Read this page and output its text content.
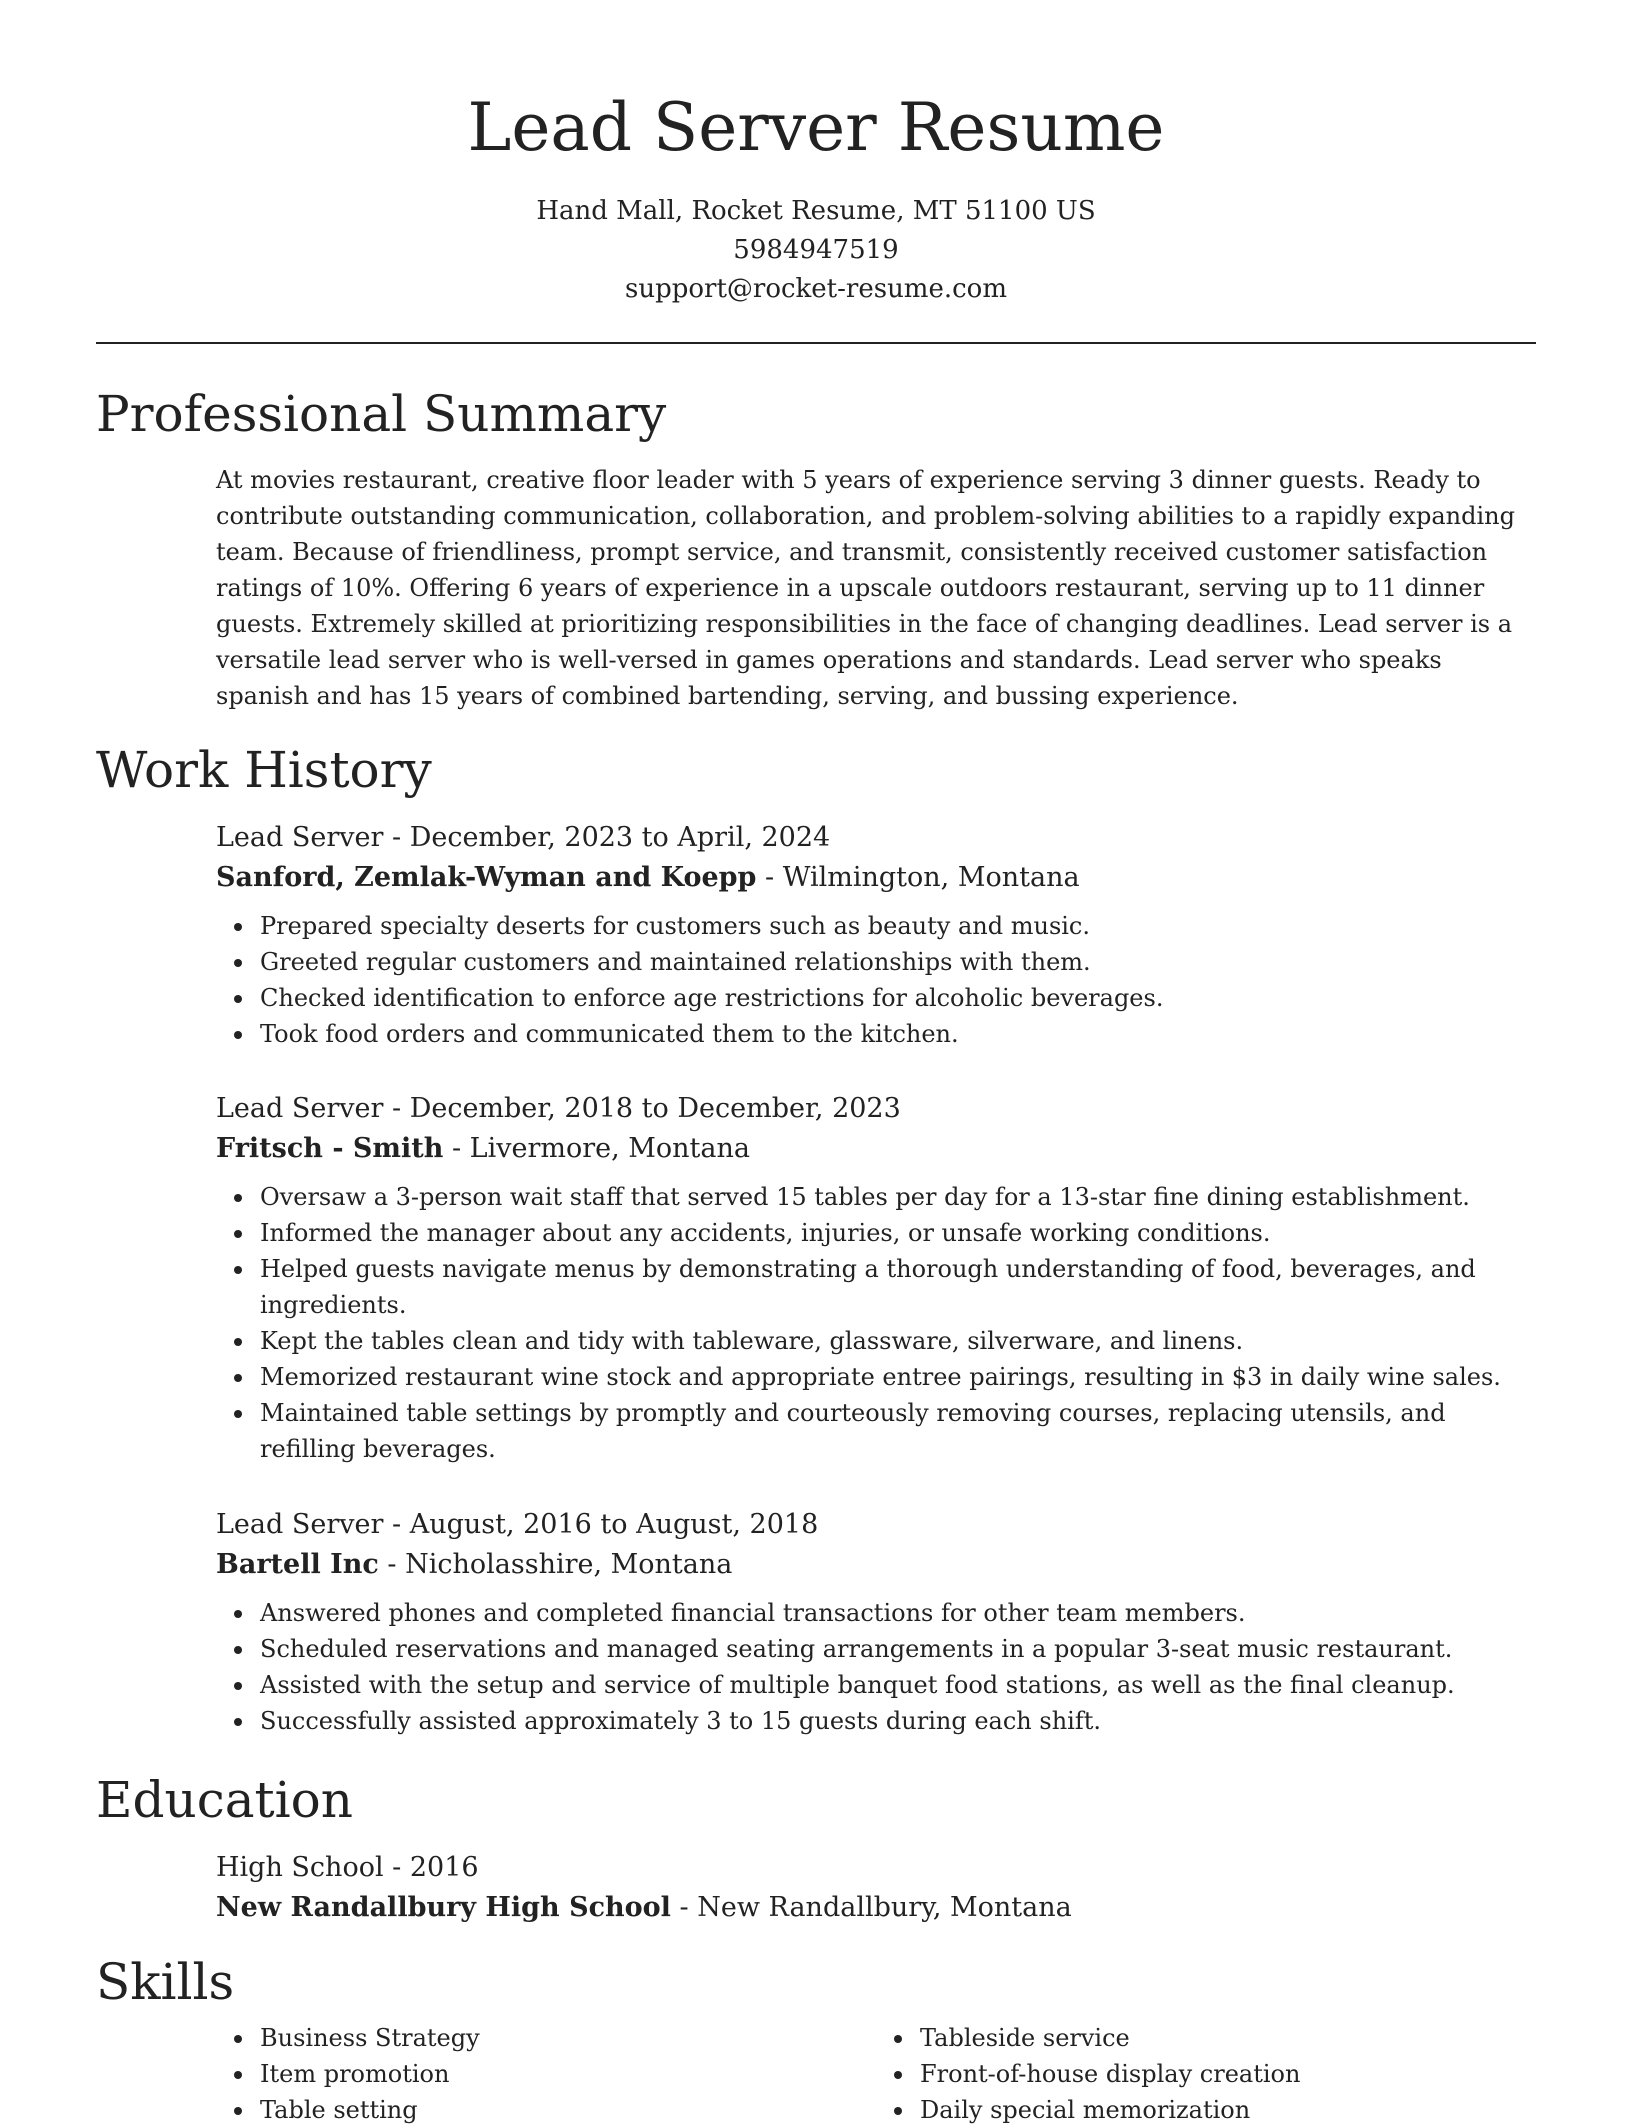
Lead Server Resume
Hand Mall, Rocket Resume, MT 51100 US
5984947519
support@rocket-resume.com
Professional Summary

At movies restaurant, creative floor leader with 5 years of experience serving 3 dinner guests. Ready to contribute outstanding communication, collaboration, and problem-solving abilities to a rapidly expanding team. Because of friendliness, prompt service, and transmit, consistently received customer satisfaction ratings of 10%. Offering 6 years of experience in a upscale outdoors restaurant, serving up to 11 dinner guests. Extremely skilled at prioritizing responsibilities in the face of changing deadlines. Lead server is a versatile lead server who is well-versed in games operations and standards. Lead server who speaks spanish and has 15 years of combined bartending, serving, and bussing experience.

Work History
Lead Server - December, 2023 to April, 2024
Sanford, Zemlak-Wyman and Koepp - Wilmington, Montana
Prepared specialty deserts for customers such as beauty and music.
Greeted regular customers and maintained relationships with them.
Checked identification to enforce age restrictions for alcoholic beverages.
Took food orders and communicated them to the kitchen.
Lead Server - December, 2018 to December, 2023
Fritsch - Smith - Livermore, Montana
Oversaw a 3-person wait staff that served 15 tables per day for a 13-star fine dining establishment.
Informed the manager about any accidents, injuries, or unsafe working conditions.
Helped guests navigate menus by demonstrating a thorough understanding of food, beverages, and ingredients.
Kept the tables clean and tidy with tableware, glassware, silverware, and linens.
Memorized restaurant wine stock and appropriate entree pairings, resulting in $3 in daily wine sales.
Maintained table settings by promptly and courteously removing courses, replacing utensils, and refilling beverages.
Lead Server - August, 2016 to August, 2018
Bartell Inc - Nicholasshire, Montana
Answered phones and completed financial transactions for other team members.
Scheduled reservations and managed seating arrangements in a popular 3-seat music restaurant.
Assisted with the setup and service of multiple banquet food stations, as well as the final cleanup.
Successfully assisted approximately 3 to 15 guests during each shift.
Education
High School - 2016
New Randallbury High School - New Randallbury, Montana
Skills
Business Strategy
Item promotion
Table setting
Tableside service
Front-of-house display creation
Daily special memorization
